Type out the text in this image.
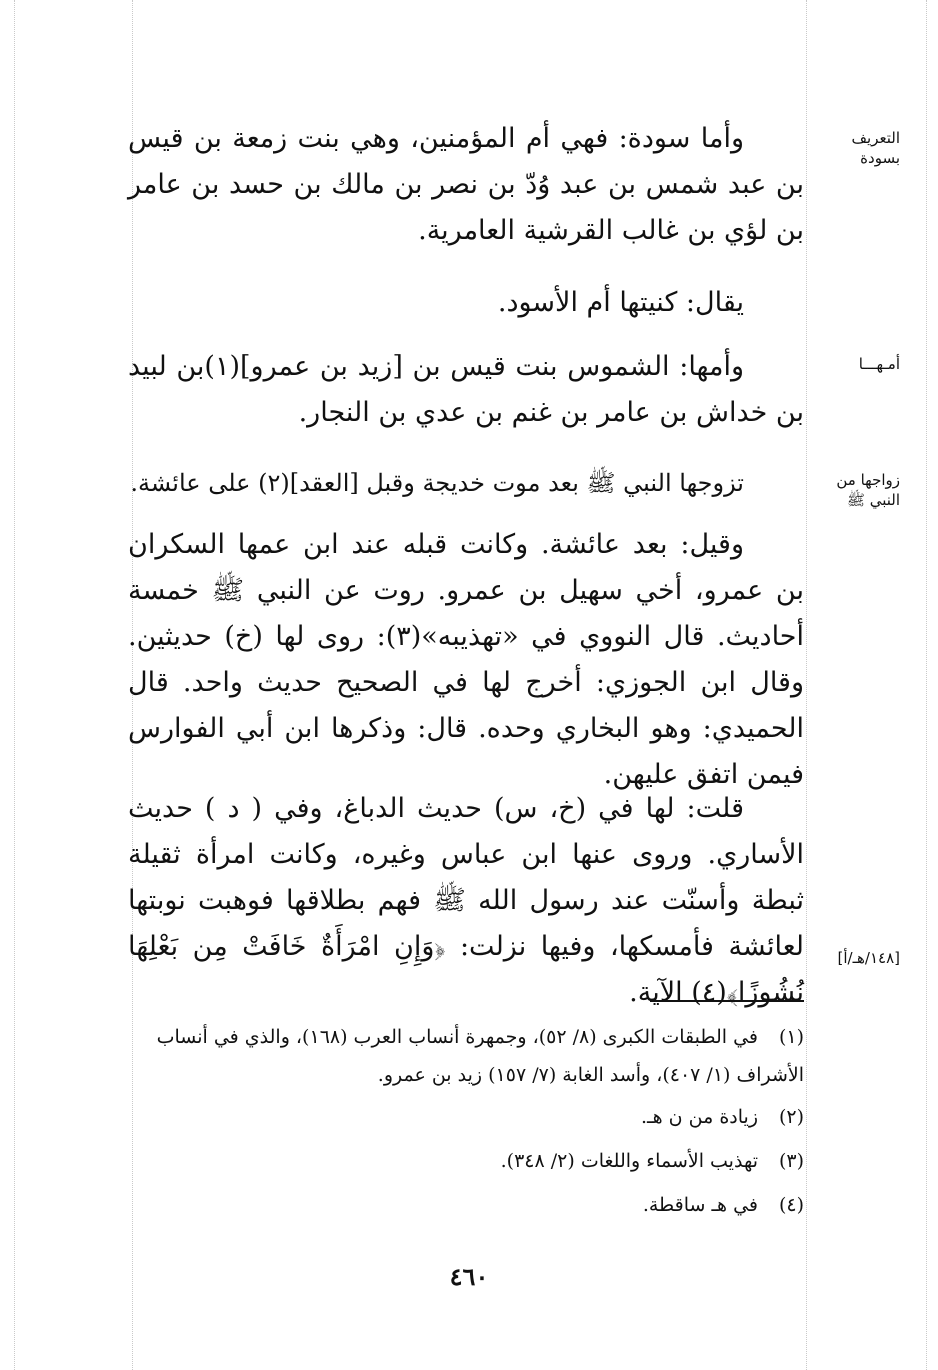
التعريف بسودة
أمـهـــا
زواجها من النبي ﷺ
[١٤٨/هـ/أ]
وأما سودة: فهي أم المؤمنين، وهي بنت زمعة بن قيس بن عبد شمس بن عبد وُدّ بن نصر بن مالك بن حسد بن عامر بن لؤي بن غالب القرشية العامرية.
يقال: كنيتها أم الأسود.
وأمها: الشموس بنت قيس بن [زيد بن عمرو](١)بن لبيد بن خداش بن عامر بن غنم بن عدي بن النجار.
تزوجها النبي ﷺ بعد موت خديجة وقبل [العقد](٢) على عائشة.
وقيل: بعد عائشة. وكانت قبله عند ابن عمها السكران بن عمرو، أخي سهيل بن عمرو. روت عن النبي ﷺ خمسة أحاديث. قال النووي في «تهذيبه»(٣): روى لها (خ) حديثين. وقال ابن الجوزي: أخرج لها في الصحيح حديث واحد. قال الحميدي: وهو البخاري وحده. قال: وذكرها ابن أبي الفوارس فيمن اتفق عليهن.
قلت: لها في (خ، س) حديث الدباغ، وفي ( د ) حديث الأساري. وروى عنها ابن عباس وغيره، وكانت امرأة ثقيلة ثبطة وأسنّت عند رسول الله ﷺ فهم بطلاقها فوهبت نوبتها لعائشة فأمسكها، وفيها نزلت: ﴿وَإِنِ امْرَأَةٌ خَافَتْ مِن بَعْلِهَا نُشُوزًا﴾(٤) الآية.
(١)في الطبقات الكبرى (٨/ ٥٢)، وجمهرة أنساب العرب (١٦٨)، والذي في أنساب الأشراف (١/ ٤٠٧)، وأسد الغابة (٧/ ١٥٧) زيد بن عمرو.
(٢)زيادة من ن هـ.
(٣)تهذيب الأسماء واللغات (٢/ ٣٤٨).
(٤)في هـ ساقطة.
٤٦٠
